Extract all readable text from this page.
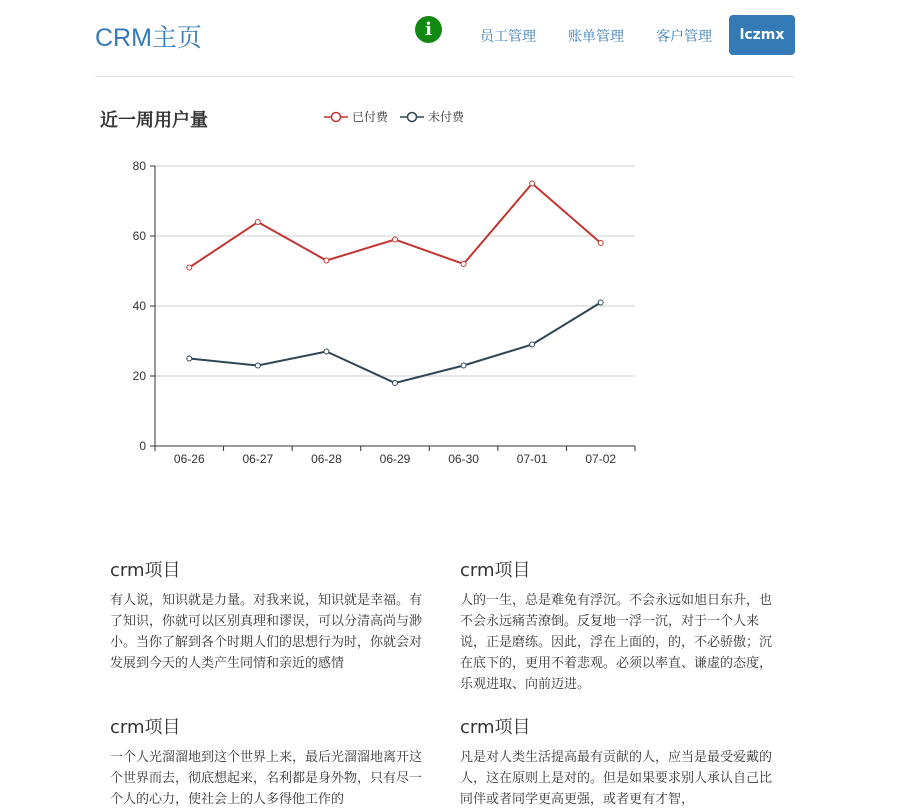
CRM主页	i	员工管理 账单管理 客户管理	lczmx
近一周用户量	已付费	未付费
0
20
40
60
80
06-26	06-27	06-28	06-29	06-30	07-01	07-02
crm项目

有人说，知识就是力量。对我来说，知识就是幸福。有了知识，你就可以区别真理和谬误，可以分清高尚与渺小。当你了解到各个时期人们的思想行为时，你就会对发展到今天的人类产生同情和亲近的感情

crm项目

人的一生，总是难免有浮沉。不会永远如旭日东升，也不会永远痛苦潦倒。反复地一浮一沉，对于一个人来说，正是磨练。因此，浮在上面的，的，不必骄傲；沉在底下的，更用不着悲观。必须以率直、谦虚的态度，乐观进取、向前迈进。

crm项目

一个人光溜溜地到这个世界上来，最后光溜溜地离开这个世界而去，彻底想起来，名利都是身外物，只有尽一个人的心力，使社会上的人多得他工作的

crm项目

凡是对人类生活提高最有贡献的人，应当是最受爱戴的人，这在原则上是对的。但是如果要求别人承认自己比同伴或者同学更高更强，或者更有才智，
